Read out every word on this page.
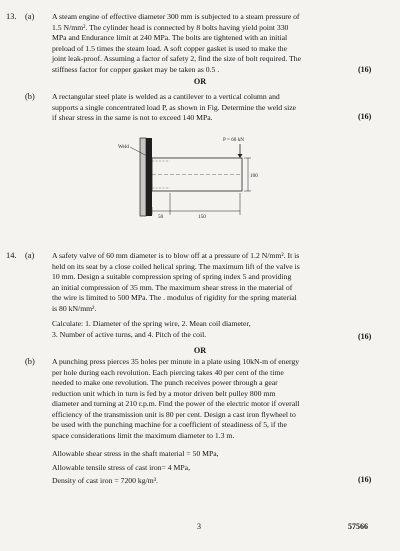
13. (a) A steam engine of effective diameter 300 mm is subjected to a steam pressure of
1.5 N/mm². The cylinder head is connected by 8 bolts having yield point 330
MPa and Endurance limit at 240 MPa. The bolts are tightened with an initial
preload of 1.5 times the steam load. A soft copper gasket is used to make the
joint leak-proof. Assuming a factor of safety 2, find the size of bolt required. The
stiffness factor for copper gasket may be taken as 0.5 .	(16)
OR
(b) A rectangular steel plate is welded as a cantilever to a vertical column and
supports a single concentrated load P, as shown in Fig. Determine the weld size
if shear stress in the same is not to exceed 140 MPa.	(16)
P = 60 kN
Weld
100
50	150
14. (a) A safety valve of 60 mm diameter is to blow off at a pressure of 1.2 N/mm². It is
held on its seat by a close coiled helical spring. The maximum lift of the valve is
10 mm. Design a suitable compression spring of spring index 5 and providing
an initial compression of 35 mm. The maximum shear stress in the material of
the wire is limited to 500 MPa. The . modulus of rigidity for the spring material
is 80 kN/mm².
Calculate: 1. Diameter of the spring wire, 2. Mean coil diameter,
3. Number of active turns, and 4. Pitch of the coil.	(16)
OR
(b) A punching press pierces 35 holes per minute in a plate using 10kN-m of energy
per hole during each revolution. Each piercing takes 40 per cent of the time
needed to make one revolution. The punch receives power through a gear
reduction unit which in turn is fed by a motor driven belt pulley 800 mm
diameter and turning at 210 r.p.m. Find the power of the electric motor if overall
efficiency of the transmission unit is 80 per cent. Design a cast iron flywheel to
be used with the punching machine for a coefficient of steadiness of 5, if the
space considerations limit the maximum diameter to 1.3 m.
Allowable shear stress in the shaft material = 50 MPa,
Allowable tensile stress of cast iron= 4 MPa,
Density of cast iron = 7200 kg/m³.	(16)
3	57566
